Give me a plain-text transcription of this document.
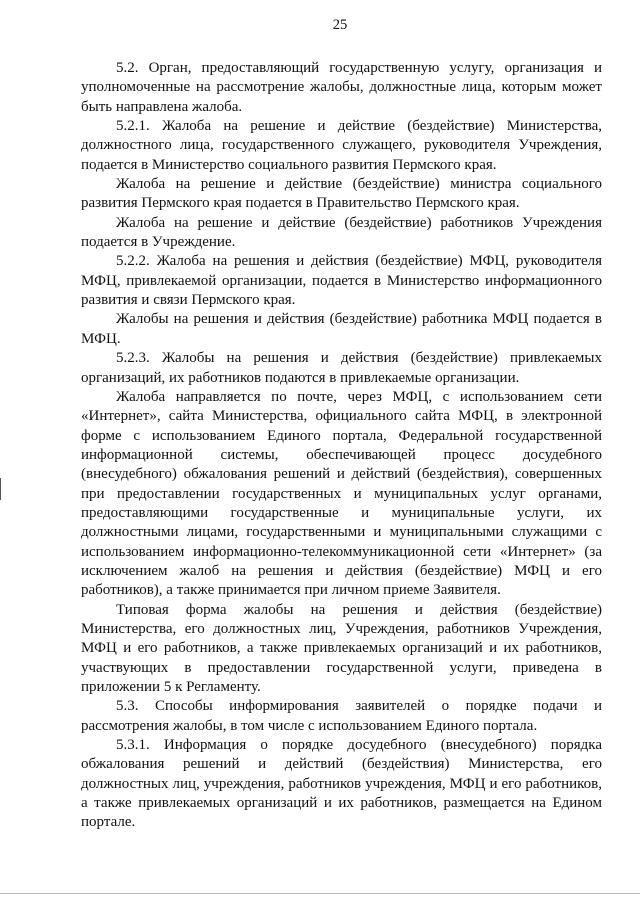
25

5.2. Орган, предоставляющий государственную услугу, организация и уполномоченные на рассмотрение жалобы, должностные лица, которым может быть направлена жалоба.

5.2.1. Жалоба на решение и действие (бездействие) Министерства, должностного лица, государственного служащего, руководителя Учреждения, подается в Министерство социального развития Пермского края.

Жалоба на решение и действие (бездействие) министра социального развития Пермского края подается в Правительство Пермского края.

Жалоба на решение и действие (бездействие) работников Учреждения подается в Учреждение.

5.2.2. Жалоба на решения и действия (бездействие) МФЦ, руководителя МФЦ, привлекаемой организации, подается в Министерство информационного развития и связи Пермского края.

Жалобы на решения и действия (бездействие) работника МФЦ подается в МФЦ.

5.2.3. Жалобы на решения и действия (бездействие) привлекаемых организаций, их работников подаются в привлекаемые организации.

Жалоба направляется по почте, через МФЦ, с использованием сети «Интернет», сайта Министерства, официального сайта МФЦ, в электронной форме с использованием Единого портала, Федеральной государственной информационной системы, обеспечивающей процесс досудебного (внесудебного) обжалования решений и действий (бездействия), совершенных при предоставлении государственных и муниципальных услуг органами, предоставляющими государственные и муниципальные услуги, их должностными лицами, государственными и муниципальными служащими с использованием информационно-телекоммуникационной сети «Интернет» (за исключением жалоб на решения и действия (бездействие) МФЦ и его работников), а также принимается при личном приеме Заявителя.

Типовая форма жалобы на решения и действия (бездействие) Министерства, его должностных лиц, Учреждения, работников Учреждения, МФЦ и его работников, а также привлекаемых организаций и их работников, участвующих в предоставлении государственной услуги, приведена в приложении 5 к Регламенту.

5.3. Способы информирования заявителей о порядке подачи и рассмотрения жалобы, в том числе с использованием Единого портала.

5.3.1. Информация о порядке досудебного (внесудебного) порядка обжалования решений и действий (бездействия) Министерства, его должностных лиц, учреждения, работников учреждения, МФЦ и его работников, а также привлекаемых организаций и их работников, размещается на Едином портале.
